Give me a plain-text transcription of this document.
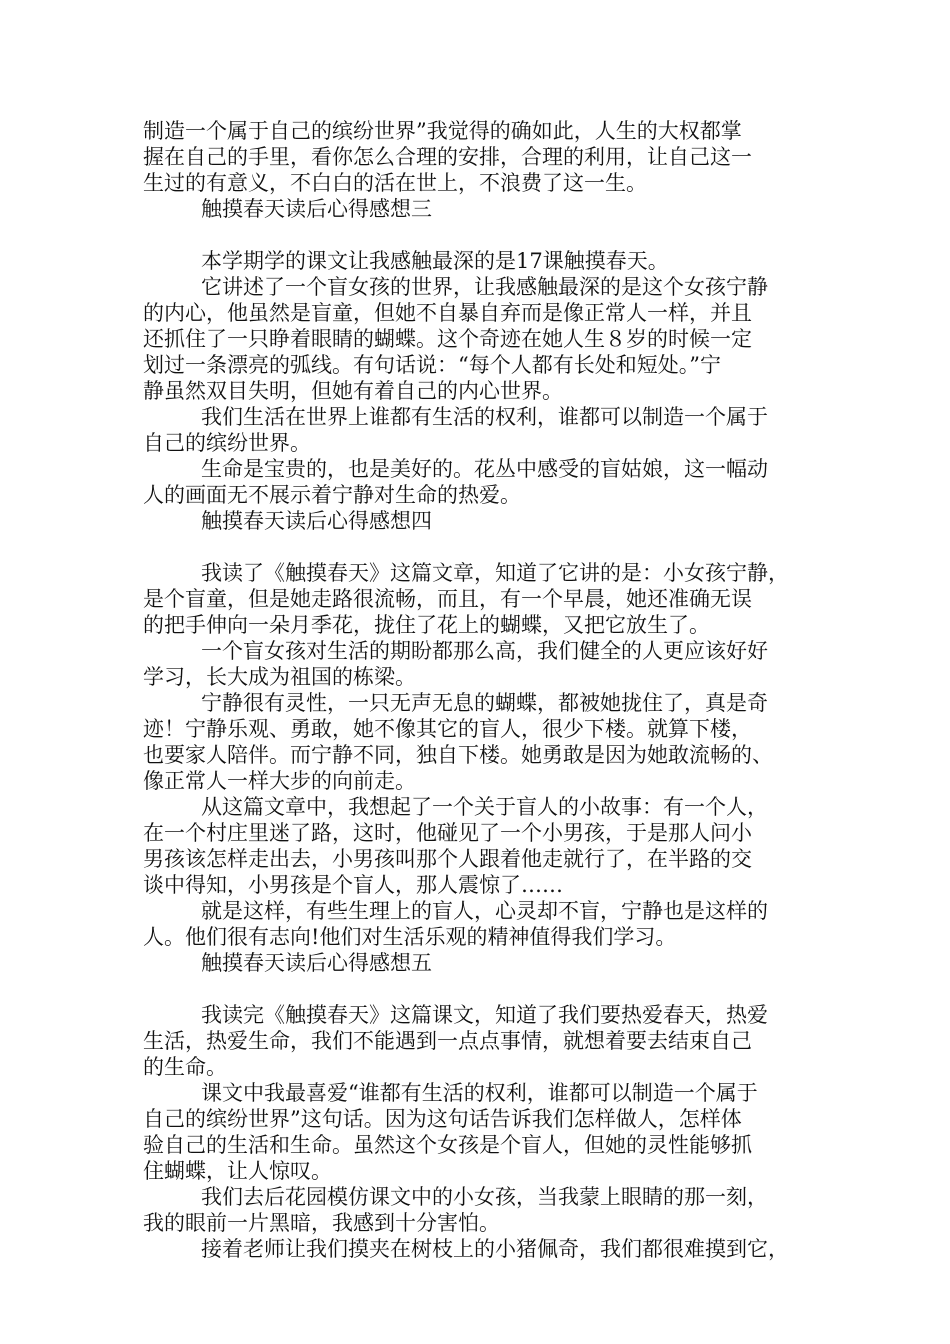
制造一个属于自己的缤纷世界”我觉得的确如此，人生的大权都掌
握在自己的手里，看你怎么合理的安排，合理的利用，让自己这一
生过的有意义，不白白的活在世上，不浪费了这一生。
触摸春天读后心得感想三
本学期学的课文让我感触最深的是17课触摸春天。
它讲述了一个盲女孩的世界，让我感触最深的是这个女孩宁静
的内心，他虽然是盲童，但她不自暴自弃而是像正常人一样，并且
还抓住了一只睁着眼睛的蝴蝶。这个奇迹在她人生８岁的时候一定
划过一条漂亮的弧线。有句话说：“每个人都有长处和短处。”宁
静虽然双目失明，但她有着自己的内心世界。
我们生活在世界上谁都有生活的权利，谁都可以制造一个属于
自己的缤纷世界。
生命是宝贵的，也是美好的。花丛中感受的盲姑娘，这一幅动
人的画面无不展示着宁静对生命的热爱。
触摸春天读后心得感想四
我读了《触摸春天》这篇文章，知道了它讲的是：小女孩宁静，
是个盲童，但是她走路很流畅，而且，有一个早晨，她还准确无误
的把手伸向一朵月季花，拢住了花上的蝴蝶，又把它放生了。
一个盲女孩对生活的期盼都那么高，我们健全的人更应该好好
学习，长大成为祖国的栋梁。
宁静很有灵性，一只无声无息的蝴蝶，都被她拢住了，真是奇
迹！宁静乐观、勇敢，她不像其它的盲人，很少下楼。就算下楼，
也要家人陪伴。而宁静不同，独自下楼。她勇敢是因为她敢流畅的、
像正常人一样大步的向前走。
从这篇文章中，我想起了一个关于盲人的小故事：有一个人，
在一个村庄里迷了路，这时，他碰见了一个小男孩，于是那人问小
男孩该怎样走出去，小男孩叫那个人跟着他走就行了，在半路的交
谈中得知，小男孩是个盲人，那人震惊了……
就是这样，有些生理上的盲人，心灵却不盲，宁静也是这样的
人。他们很有志向!他们对生活乐观的精神值得我们学习。
触摸春天读后心得感想五
我读完《触摸春天》这篇课文，知道了我们要热爱春天，热爱
生活，热爱生命，我们不能遇到一点点事情，就想着要去结束自己
的生命。
课文中我最喜爱“谁都有生活的权利，谁都可以制造一个属于
自己的缤纷世界”这句话。因为这句话告诉我们怎样做人，怎样体
验自己的生活和生命。虽然这个女孩是个盲人，但她的灵性能够抓
住蝴蝶，让人惊叹。
我们去后花园模仿课文中的小女孩，当我蒙上眼睛的那一刻，
我的眼前一片黑暗，我感到十分害怕。
接着老师让我们摸夹在树枝上的小猪佩奇，我们都很难摸到它，
